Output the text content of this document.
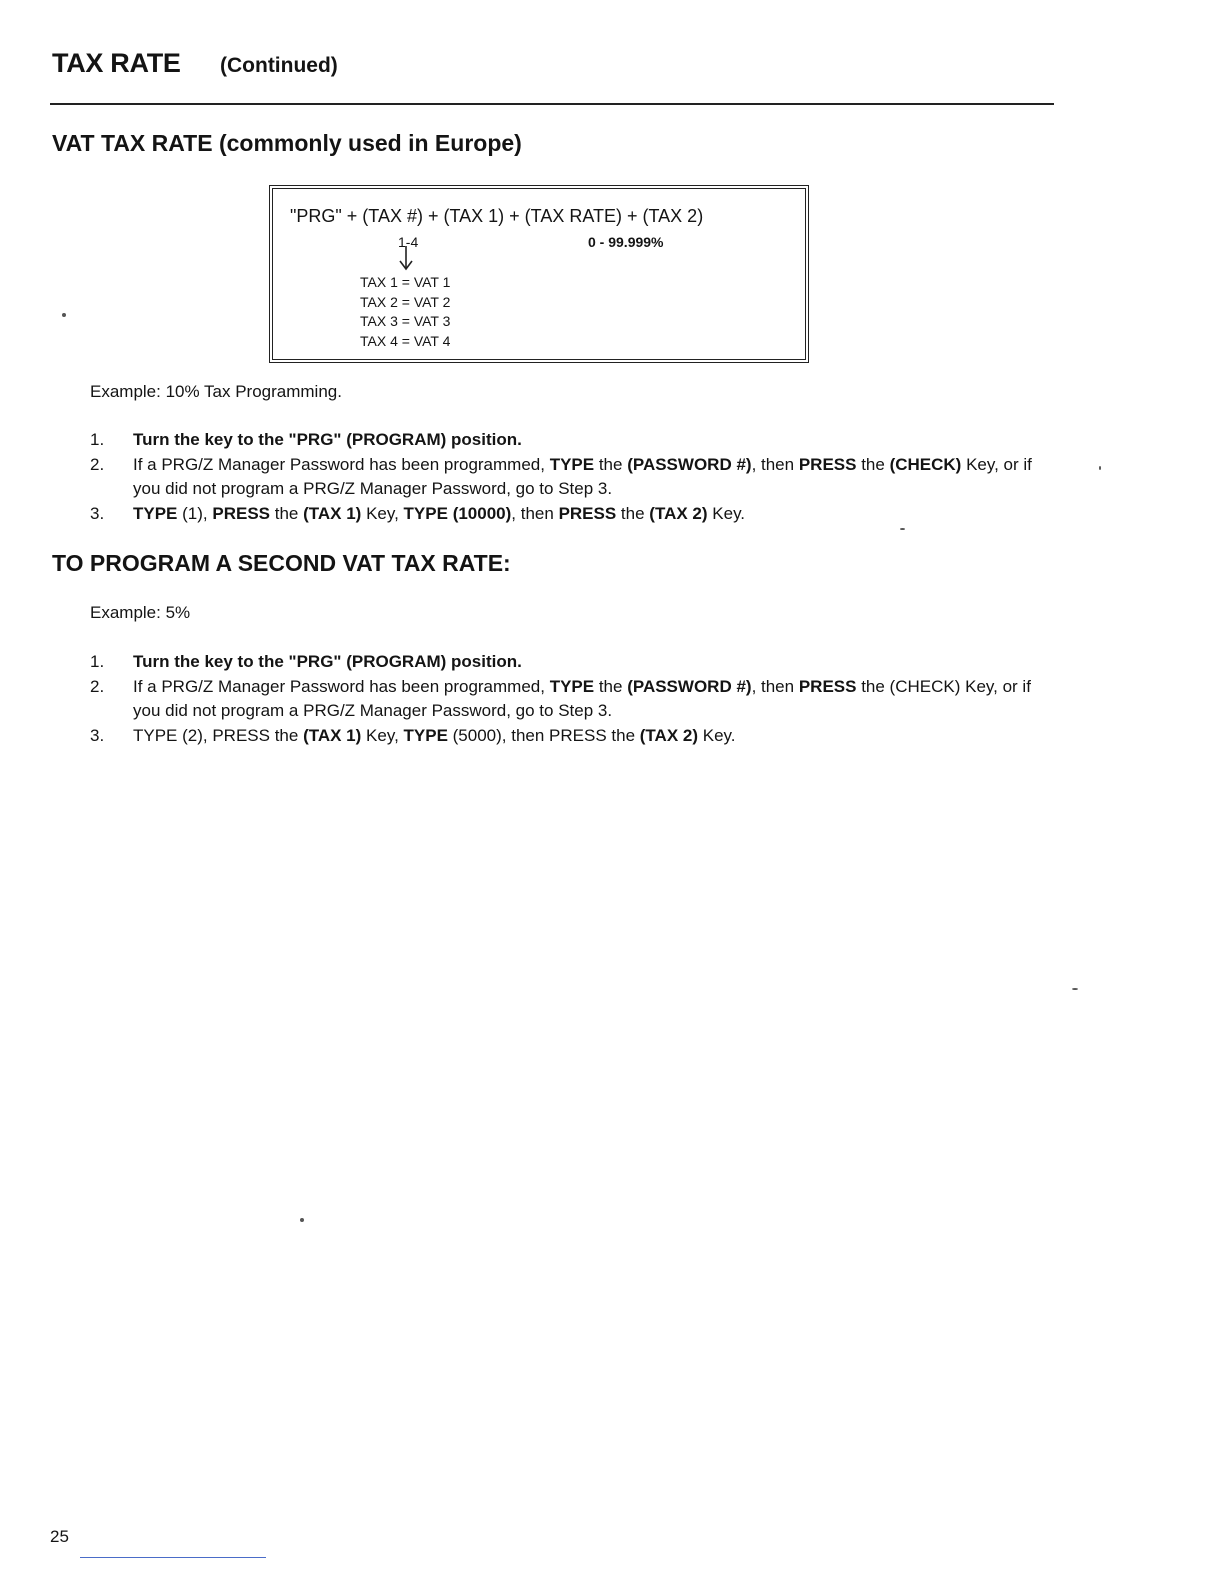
TAX RATE (Continued)
VAT TAX RATE (commonly used in Europe)
"PRG" + (TAX #) + (TAX 1) + (TAX RATE) + (TAX 2)
1-4	0 - 99.999%
TAX 1 = VAT 1
TAX 2 = VAT 2
TAX 3 = VAT 3
TAX 4 = VAT 4
Example: 10% Tax Programming.
1. Turn the key to the "PRG" (PROGRAM) position.
2. If a PRG/Z Manager Password has been programmed, TYPE the (PASSWORD #), then PRESS the (CHECK) Key, or if you did not program a PRG/Z Manager Password, go to Step 3.
3. TYPE (1), PRESS the (TAX 1) Key, TYPE (10000), then PRESS the (TAX 2) Key.
TO PROGRAM A SECOND VAT TAX RATE:
Example: 5%
1. Turn the key to the "PRG" (PROGRAM) position.
2. If a PRG/Z Manager Password has been programmed, TYPE the (PASSWORD #), then PRESS the (CHECK) Key, or if you did not program a PRG/Z Manager Password, go to Step 3.
3. TYPE (2), PRESS the (TAX 1) Key, TYPE (5000), then PRESS the (TAX 2) Key.
25
